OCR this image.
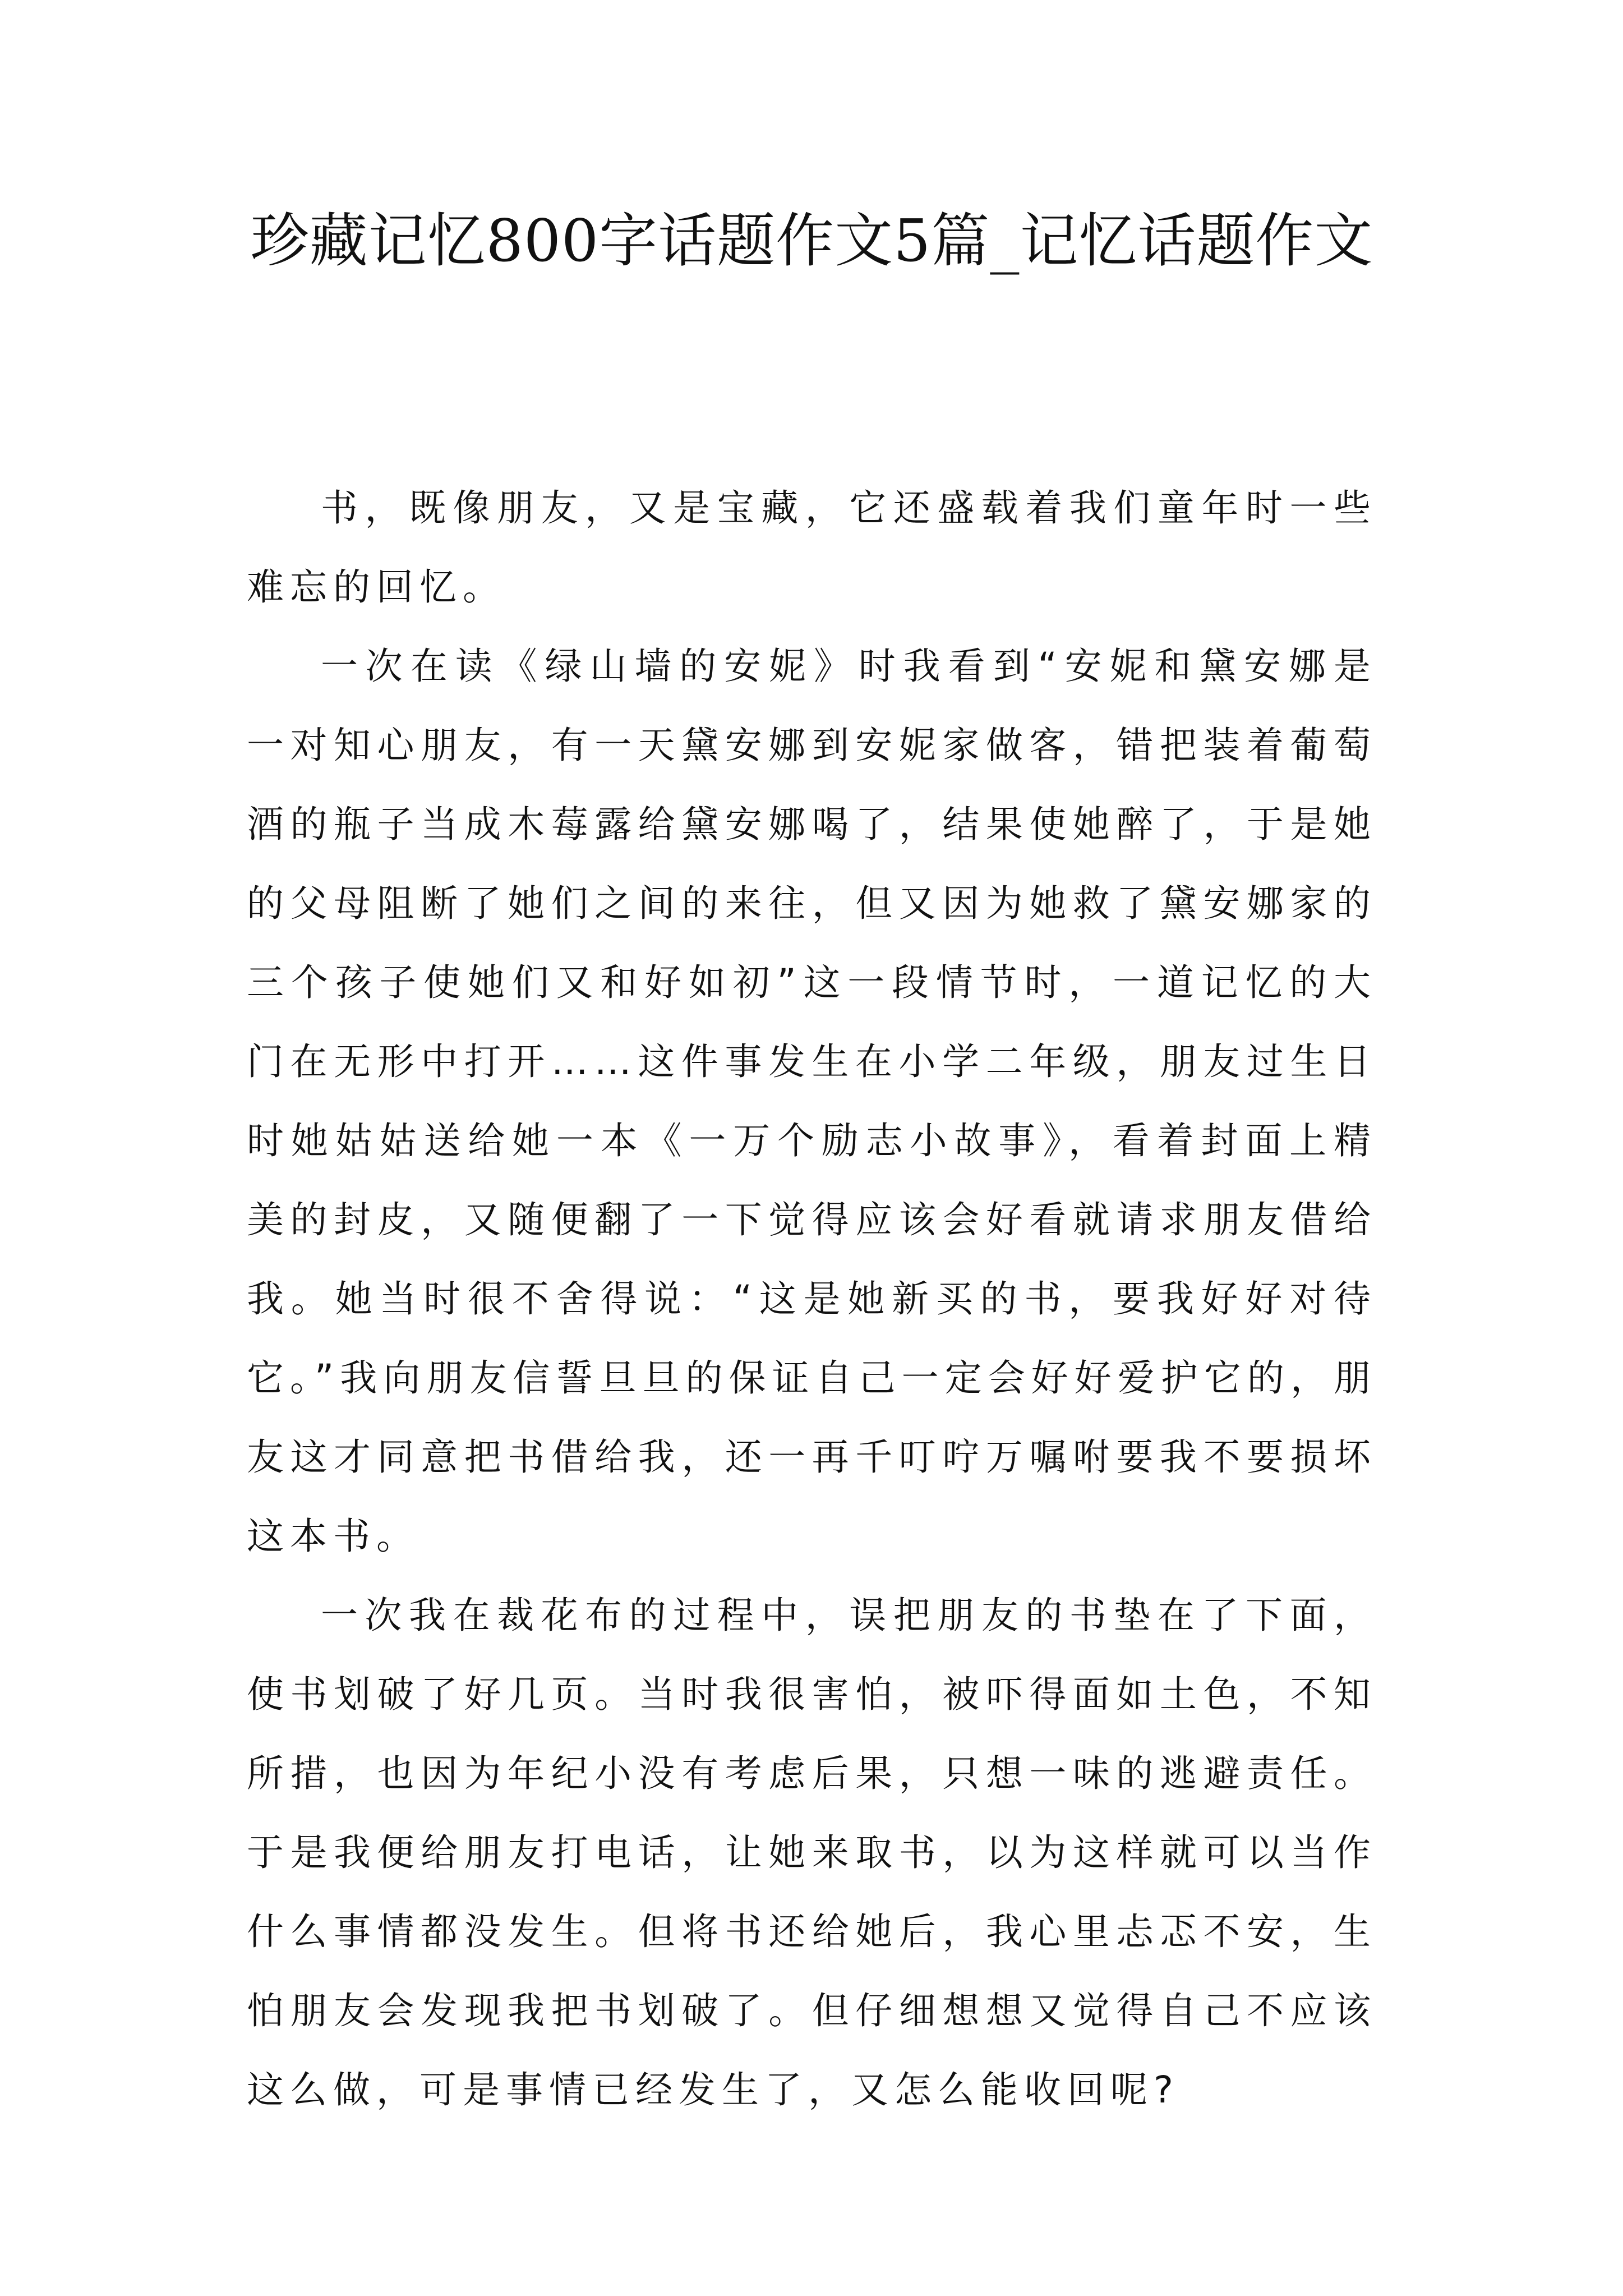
珍藏记忆800字话题作文5篇_记忆话题作文

书，既像朋友，又是宝藏，它还盛载着我们童年时一些难忘的回忆。

一次在读《绿山墙的安妮》时我看到“安妮和黛安娜是一对知心朋友，有一天黛安娜到安妮家做客，错把装着葡萄酒的瓶子当成木莓露给黛安娜喝了，结果使她醉了，于是她的父母阻断了她们之间的来往，但又因为她救了黛安娜家的三个孩子使她们又和好如初”这一段情节时，一道记忆的大门在无形中打开……这件事发生在小学二年级，朋友过生日时她姑姑送给她一本《一万个励志小故事》，看着封面上精美的封皮，又随便翻了一下觉得应该会好看就请求朋友借给我。她当时很不舍得说：“这是她新买的书，要我好好对待它。”我向朋友信誓旦旦的保证自己一定会好好爱护它的，朋友这才同意把书借给我，还一再千叮咛万嘱咐要我不要损坏这本书。

一次我在裁花布的过程中，误把朋友的书垫在了下面，使书划破了好几页。当时我很害怕，被吓得面如土色，不知所措，也因为年纪小没有考虑后果，只想一味的逃避责任。于是我便给朋友打电话，让她来取书，以为这样就可以当作什么事情都没发生。但将书还给她后，我心里忐忑不安，生怕朋友会发现我把书划破了。但仔细想想又觉得自己不应该这么做，可是事情已经发生了，又怎么能收回呢?
